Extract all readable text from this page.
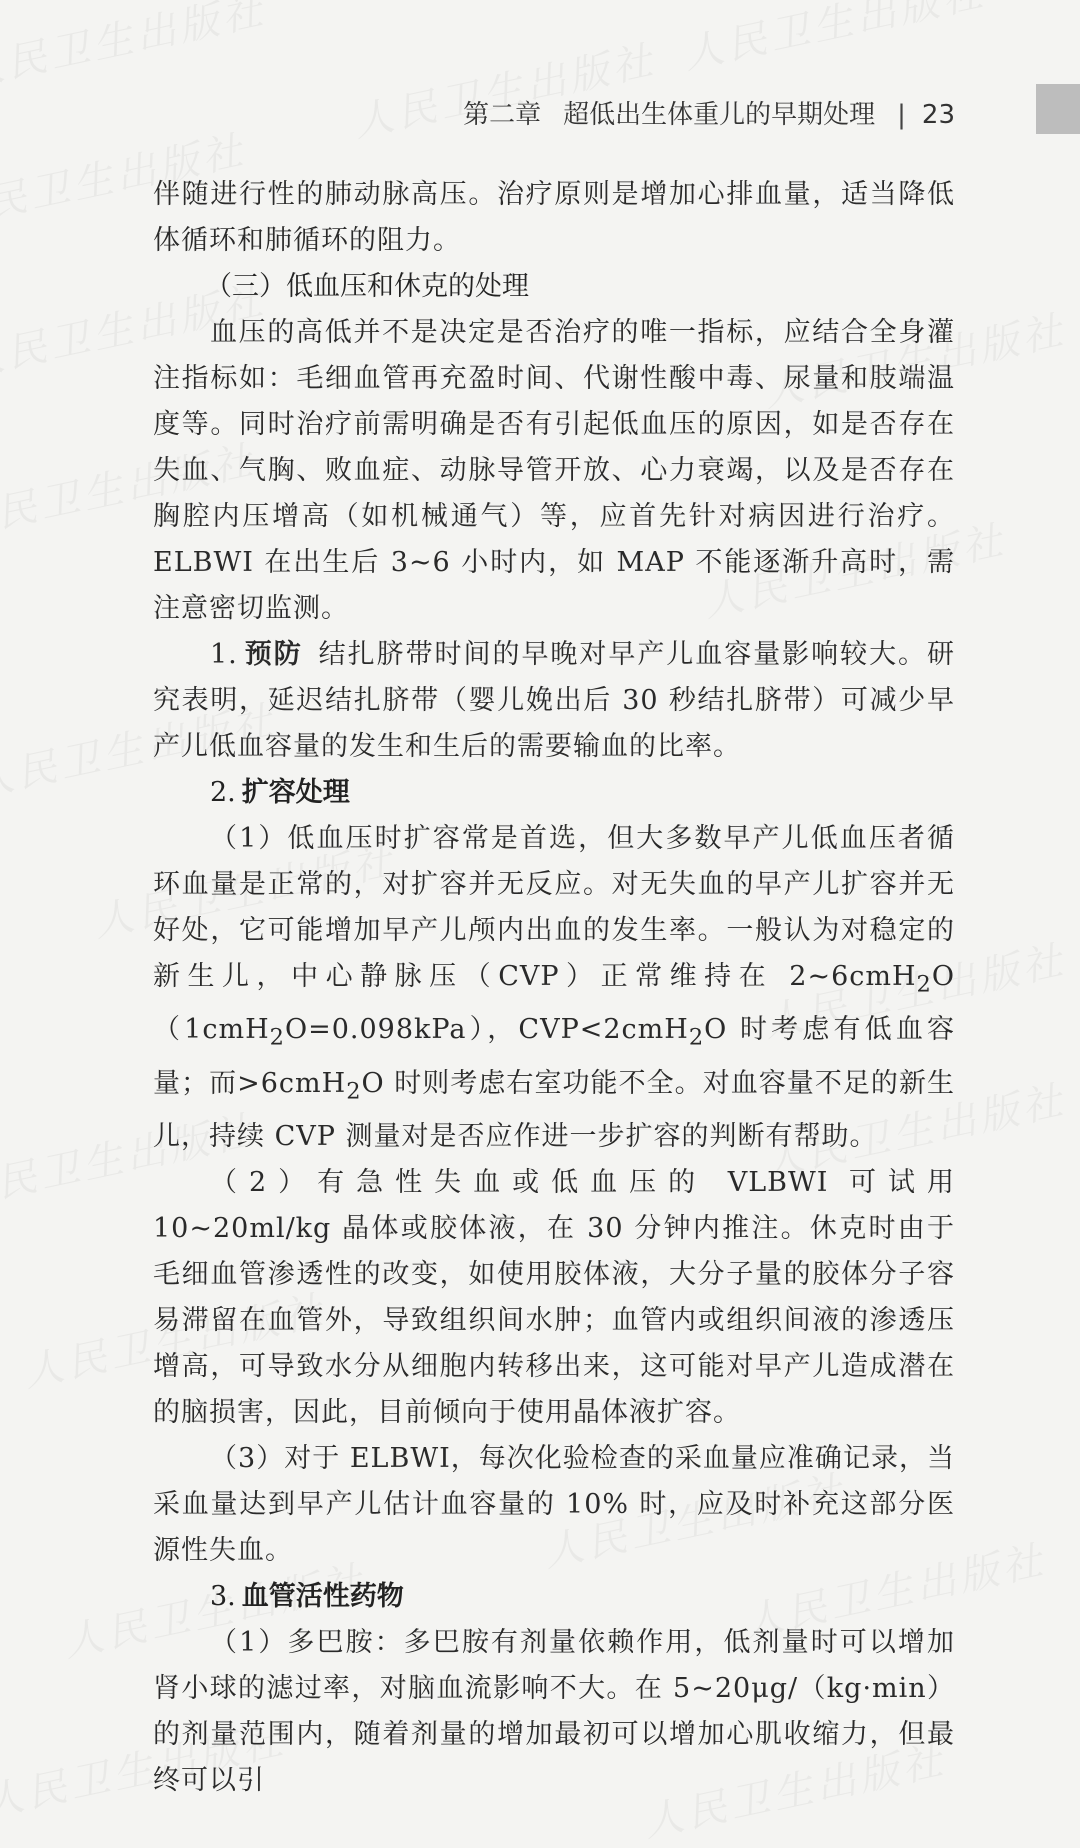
第二章 超低出生体重儿的早期处理 | 23

伴随进行性的肺动脉高压。治疗原则是增加心排血量，适当降低体循环和肺循环的阻力。

（三）低血压和休克的处理

血压的高低并不是决定是否治疗的唯一指标，应结合全身灌注指标如：毛细血管再充盈时间、代谢性酸中毒、尿量和肢端温度等。同时治疗前需明确是否有引起低血压的原因，如是否存在失血、气胸、败血症、动脉导管开放、心力衰竭，以及是否存在胸腔内压增高（如机械通气）等，应首先针对病因进行治疗。ELBWI 在出生后 3~6 小时内，如 MAP 不能逐渐升高时，需注意密切监测。

1. 预防 结扎脐带时间的早晚对早产儿血容量影响较大。研究表明，延迟结扎脐带（婴儿娩出后 30 秒结扎脐带）可减少早产儿低血容量的发生和生后的需要输血的比率。

2. 扩容处理

（1）低血压时扩容常是首选，但大多数早产儿低血压者循环血量是正常的，对扩容并无反应。对无失血的早产儿扩容并无好处，它可能增加早产儿颅内出血的发生率。一般认为对稳定的新生儿，中心静脉压（CVP）正常维持在 2~6cmH$_2$O（1cmH$_2$O=0.098kPa），CVP<2cmH$_2$O 时考虑有低血容量；而>6cmH$_2$O 时则考虑右室功能不全。对血容量不足的新生儿，持续 CVP 测量对是否应作进一步扩容的判断有帮助。

（2）有急性失血或低血压的 VLBWI 可试用 10~20ml/kg 晶体或胶体液，在 30 分钟内推注。休克时由于毛细血管渗透性的改变，如使用胶体液，大分子量的胶体分子容易滞留在血管外，导致组织间水肿；血管内或组织间液的渗透压增高，可导致水分从细胞内转移出来，这可能对早产儿造成潜在的脑损害，因此，目前倾向于使用晶体液扩容。

（3）对于 ELBWI，每次化验检查的采血量应准确记录，当采血量达到早产儿估计血容量的 10% 时，应及时补充这部分医源性失血。

3. 血管活性药物

（1）多巴胺：多巴胺有剂量依赖作用，低剂量时可以增加肾小球的滤过率，对脑血流影响不大。在 5~20μg/（kg·min）的剂量范围内，随着剂量的增加最初可以增加心肌收缩力，但最终可以引
